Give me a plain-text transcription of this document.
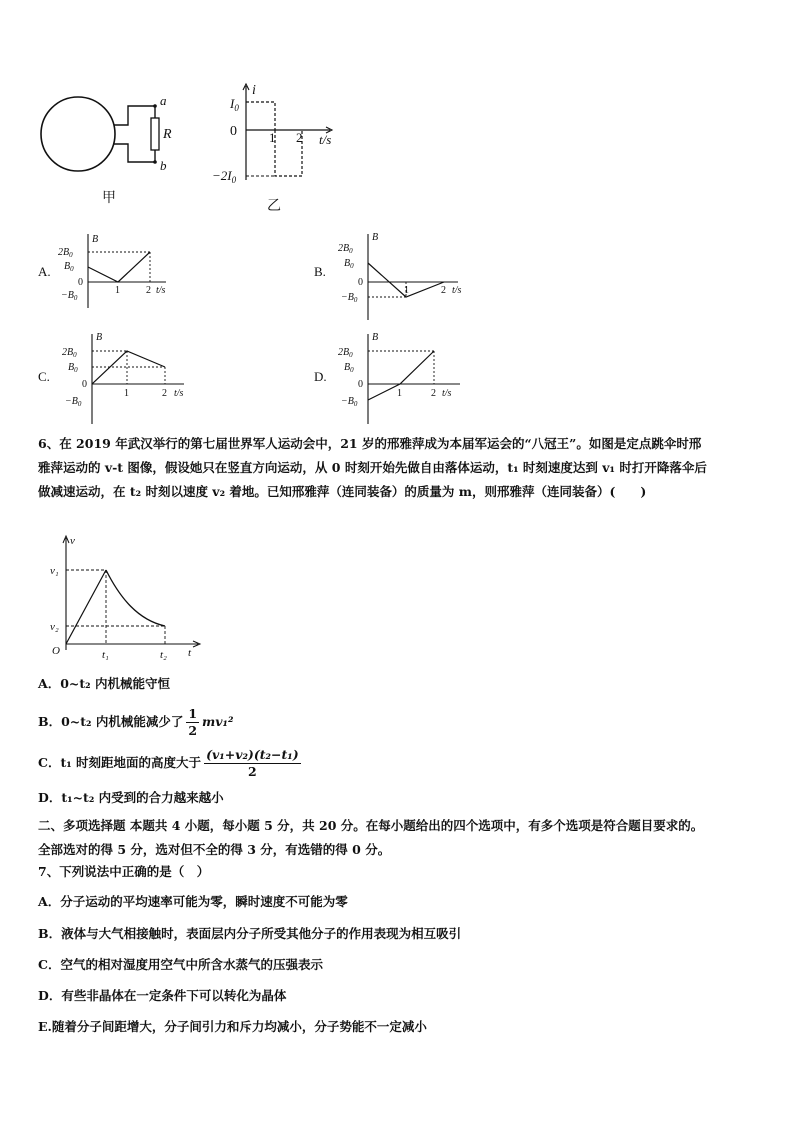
a
R
b
甲
i
t/s
0
$I_0$
$-2I_0$
1 2
乙
A.
B
$2B_0$
$B_0$
0
$-B_0$
1	2 t/s
B.
B
$2B_0$
$B_0$
0
$-B_0$
1	2 t/s
C.
B
$2B_0$
$B_0$
0
$-B_0$
1	2 t/s
D.
B
$2B_0$
$B_0$
0
$-B_0$
1	2 t/s

6、在 2019 年武汉举行的第七届世界军人运动会中，21 岁的邢雅萍成为本届军运会的“八冠王”。如图是定点跳伞时邢
雅萍运动的 v-t 图像，假设她只在竖直方向运动，从 0 时刻开始先做自由落体运动，t₁ 时刻速度达到 v₁ 时打开降落伞后
做减速运动，在 t₂ 时刻以速度 v₂ 着地。已知邢雅萍（连同装备）的质量为 m，则邢雅萍（连同装备）(　　)

v
t
O
v₁
v₂
t₁	t₂

A．0~t₂ 内机械能守恒

B．0~t₂ 内机械能减少了 $\frac{1}{2} mv_1^2$

C．t₁ 时刻距地面的高度大于 $\frac{\text{(v₁+v₂)(t₂−t₁)}}{2}$

D．t₁~t₂ 内受到的合力越来越小

二、多项选择题 本题共 4 小题，每小题 5 分，共 20 分。在每小题给出的四个选项中，有多个选项是符合题目要求的。
全部选对的得 5 分，选对但不全的得 3 分，有选错的得 0 分。

7、下列说法中正确的是（　）

A．分子运动的平均速率可能为零，瞬时速度不可能为零

B．液体与大气相接触时，表面层内分子所受其他分子的作用表现为相互吸引

C．空气的相对湿度用空气中所含水蒸气的压强表示

D．有些非晶体在一定条件下可以转化为晶体

E.随着分子间距增大，分子间引力和斥力均减小，分子势能不一定减小
